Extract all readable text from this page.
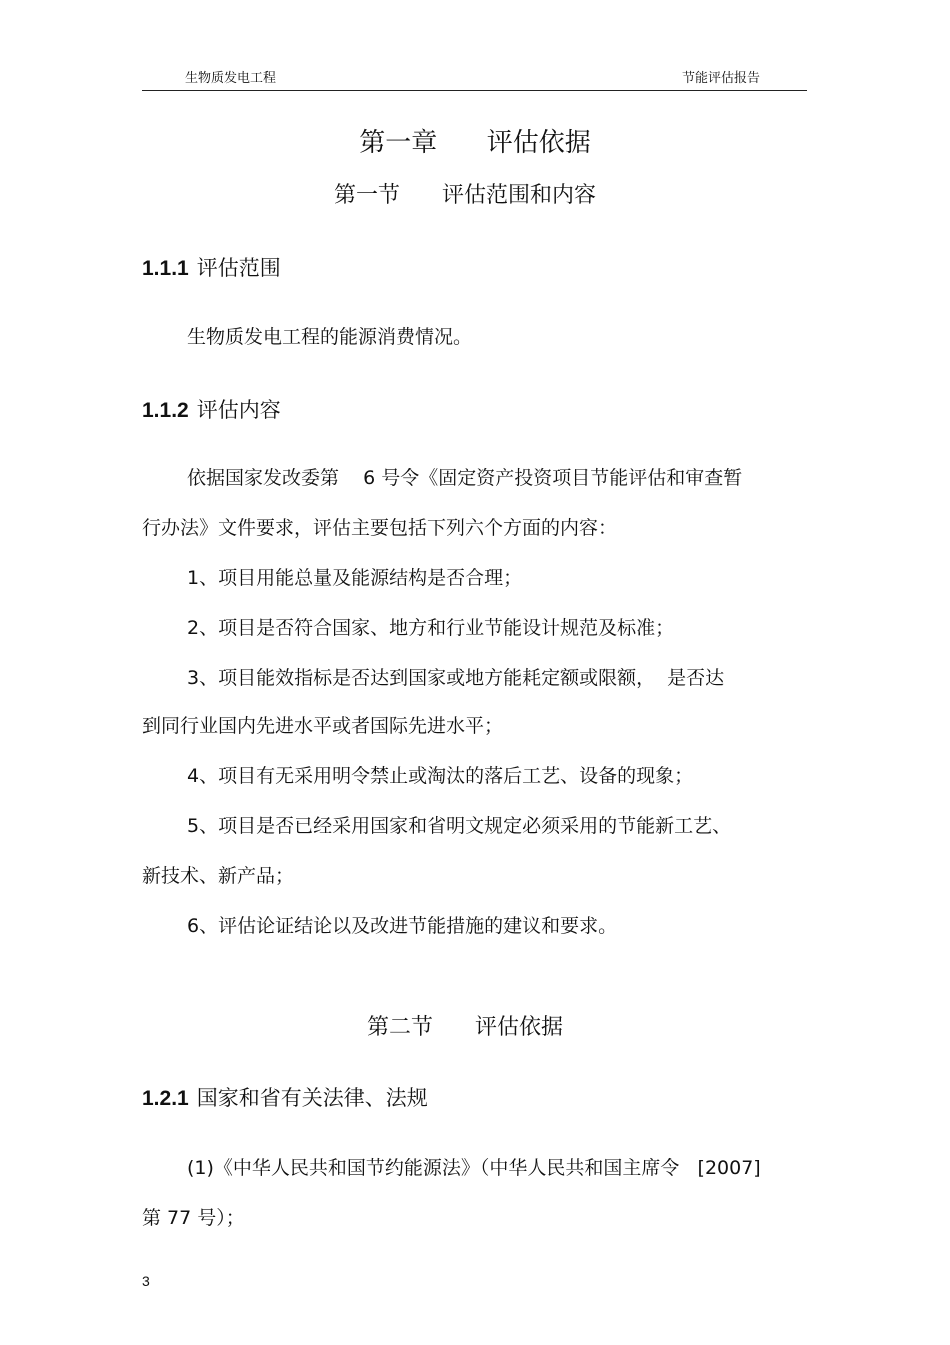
生物质发电工程	节能评估报告
第一章      评估依据
第一节      评估范围和内容
1.1.1 评估范围
生物质发电工程的能源消费情况。
1.1.2 评估内容
依据国家发改委第    6 号令《固定资产投资项目节能评估和审查暂
行办法》文件要求，评估主要包括下列六个方面的内容：
1、项目用能总量及能源结构是否合理；
2、项目是否符合国家、地方和行业节能设计规范及标准；
3、项目能效指标是否达到国家或地方能耗定额或限额，  是否达
到同行业国内先进水平或者国际先进水平；
4、项目有无采用明令禁止或淘汰的落后工艺、设备的现象；
5、项目是否已经采用国家和省明文规定必须采用的节能新工艺、
新技术、新产品；
6、评估论证结论以及改进节能措施的建议和要求。
第二节      评估依据
1.2.1 国家和省有关法律、法规
(1)《中华人民共和国节约能源法》（中华人民共和国主席令   [2007]
第 77 号）；
3
